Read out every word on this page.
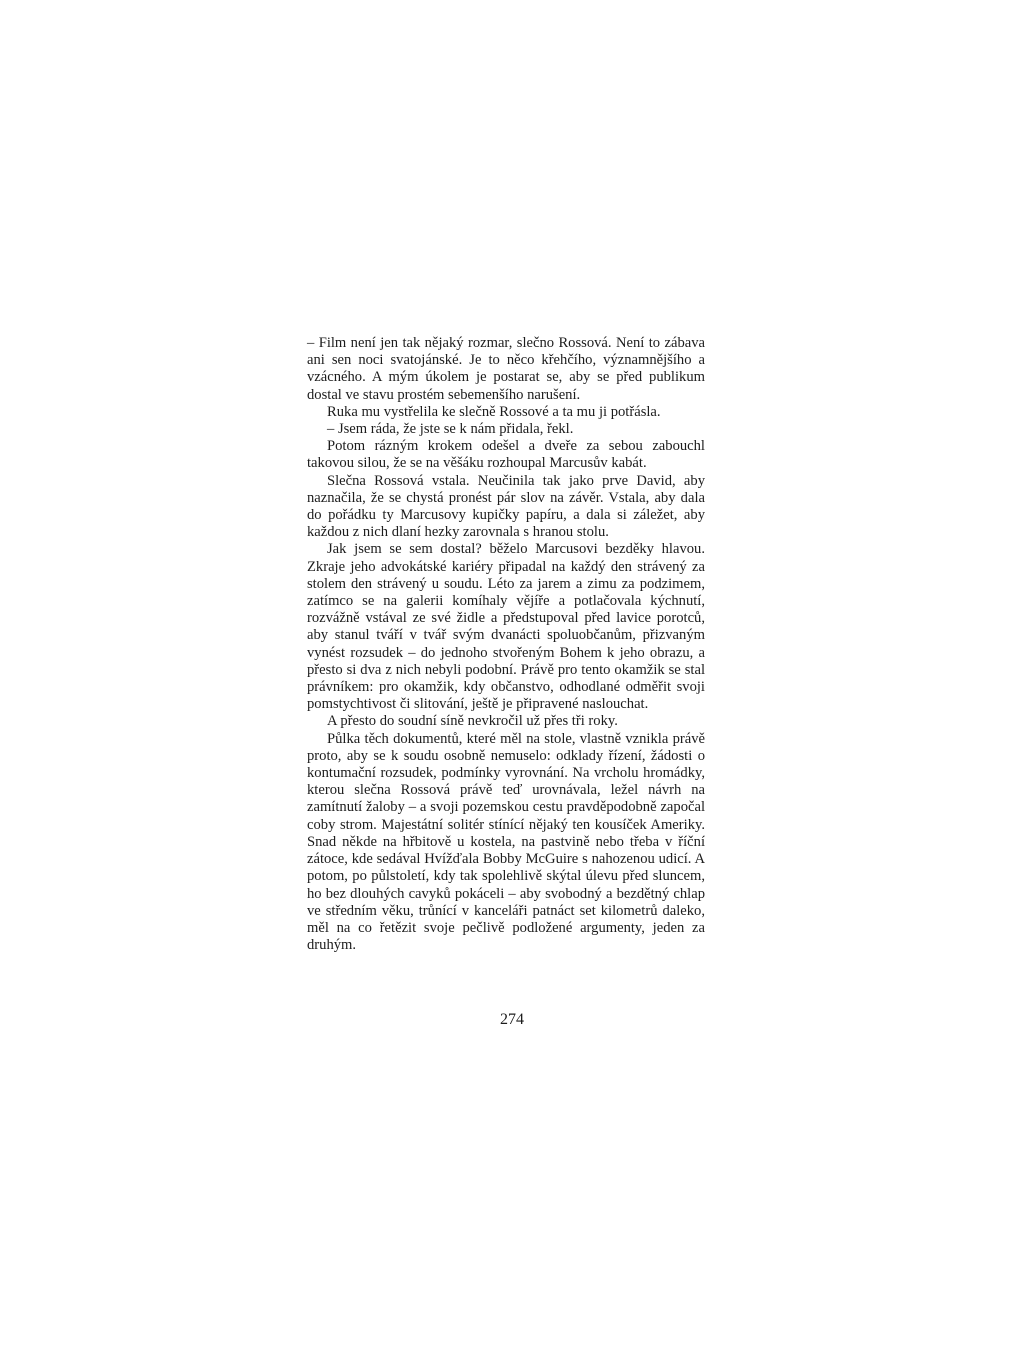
– Film není jen tak nějaký rozmar, slečno Rossová. Není to zábava ani sen noci svatojánské. Je to něco křehčího, významnějšího a vzácného. A mým úkolem je postarat se, aby se před publikum dostal ve stavu prostém sebemenšího narušení.

Ruka mu vystřelila ke slečně Rossové a ta mu ji potřásla.

– Jsem ráda, že jste se k nám přidala, řekl.

Potom rázným krokem odešel a dveře za sebou zabouchl takovou silou, že se na věšáku rozhoupal Marcusův kabát.

Slečna Rossová vstala. Neučinila tak jako prve David, aby naznačila, že se chystá pronést pár slov na závěr. Vstala, aby dala do pořádku ty Marcusovy kupičky papíru, a dala si záležet, aby každou z nich dlaní hezky zarovnala s hranou stolu.

Jak jsem se sem dostal? běželo Marcusovi bezděky hlavou. Zkraje jeho advokátské kariéry připadal na každý den strávený za stolem den strávený u soudu. Léto za jarem a zimu za podzimem, zatímco se na galerii komíhaly vějíře a potlačovala kýchnutí, rozvážně vstával ze své židle a předstupoval před lavice porotců, aby stanul tváří v tvář svým dvanácti spoluobčanům, přizvaným vynést rozsudek – do jednoho stvořeným Bohem k jeho obrazu, a přesto si dva z nich nebyli podobní. Právě pro tento okamžik se stal právníkem: pro okamžik, kdy občanstvo, odhodlané odměřit svoji pomstychtivost či slitování, ještě je připravené naslouchat.

A přesto do soudní síně nevkročil už přes tři roky.

Půlka těch dokumentů, které měl na stole, vlastně vznikla právě proto, aby se k soudu osobně nemuselo: odklady řízení, žádosti o kontumační rozsudek, podmínky vyrovnání. Na vrcholu hromádky, kterou slečna Rossová právě teď urovnávala, ležel návrh na zamítnutí žaloby – a svoji pozemskou cestu pravděpodobně započal coby strom. Majestátní solitér stínící nějaký ten kousíček Ameriky. Snad někde na hřbitově u kostela, na pastvině nebo třeba v říční zátoce, kde sedával Hvížďala Bobby McGuire s nahozenou udicí. A potom, po půlstoletí, kdy tak spolehlivě skýtal úlevu před sluncem, ho bez dlouhých cavyků pokáceli – aby svobodný a bezdětný chlap ve středním věku, trůnící v kanceláři patnáct set kilometrů daleko, měl na co řetězit svoje pečlivě podložené argumenty, jeden za druhým.

274
